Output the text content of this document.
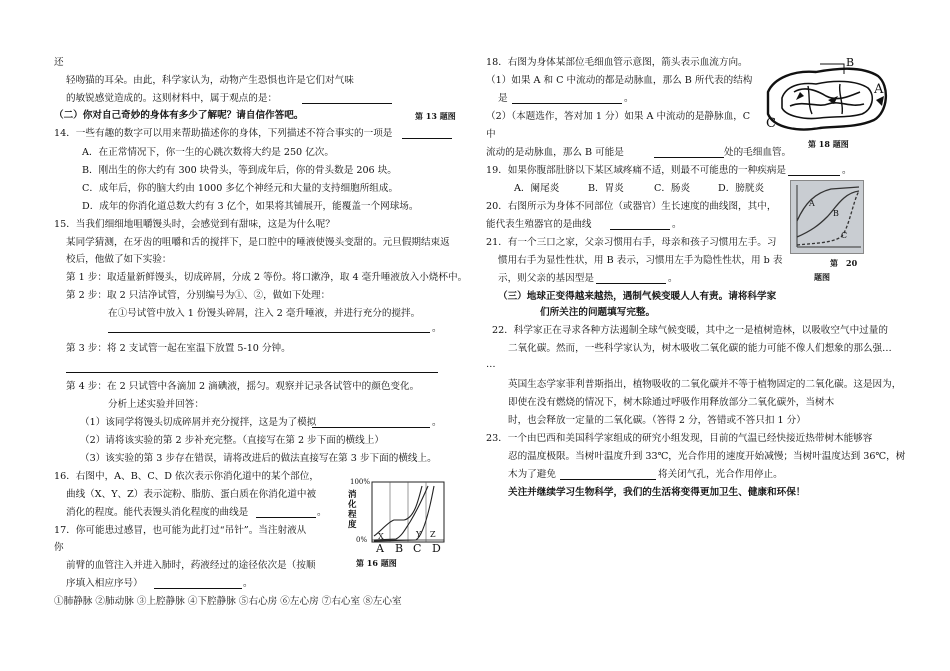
还
轻吻猫的耳朵。由此，科学家认为，动物产生恐惧也许是它们对气味
的敏锐感觉造成的。这则材料中，属于观点的是：
（二）你对自己奇妙的身体有多少了解呢？请自信作答吧。	第 13 题图
14．一些有趣的数字可以用来帮助描述你的身体，下列描述不符合事实的一项是
A．在正常情况下，你一生的心跳次数将大约是 250 亿次。
B．刚出生的你大约有 300 块骨头，等到成年后，你的骨头数是 206 块。
C．成年后，你的脑大约由 1000 多亿个神经元和大量的支持细胞所组成。
D．成年的你消化道总数大约有 3 亿个，如果将其铺展开，能覆盖一个网球场。
15．当我们细细地咀嚼馒头时，会感觉到有甜味，这是为什么呢？
某同学猜测，在牙齿的咀嚼和舌的搅拌下，是口腔中的唾液使馒头变甜的。元旦假期结束返
校后，他做了如下实验：
第 1 步：取适量新鲜馒头，切成碎屑，分成 2 等份。将口漱净，取 4 毫升唾液放入小烧杯中。
第 2 步：取 2 只洁净试管，分别编号为①、②，做如下处理：
在①号试管中放入 1 份馒头碎屑，注入 2 毫升唾液，并进行充分的搅拌。
。
第 3 步：将 2 支试管一起在室温下放置 5-10 分钟。
第 4 步：在 2 只试管中各滴加 2 滴碘液，摇匀。观察并记录各试管中的颜色变化。
分析上述实验并回答：
（1）该同学将馒头切成碎屑并充分搅拌，这是为了模拟	。
（2）请将该实验的第 2 步补充完整。（直接写在第 2 步下面的横线上）
（3）该实验的第 3 步存在错误，请将改进后的做法直接写在第 3 步下面的横线上。
16．右图中，A、B、C、D 依次表示你消化道中的某个部位，
曲线（X、Y、Z）表示淀粉、脂肪、蛋白质在你消化道中被
消化的程度。能代表馒头消化程度的曲线是	。
17．你可能患过感冒，也可能为此打过“吊针”。当注射液从
你
前臂的血管注入并进入肺时，药液经过的途径依次是（按顺
序填入相应序号）	。
①肺静脉 ②肺动脉 ③上腔静脉 ④下腔静脉 ⑤右心房 ⑥左心房 ⑦右心室 ⑧左心室
消化程度
100%
0% X	Y Z
A B C D
第 16 题图
18．右图为身体某部位毛细血管示意图，箭头表示血流方向。
（1）如果 A 和 C 中流动的都是动脉血，那么 B 所代表的结构
是	。
（2）（本题选作，答对加 1 分）如果 A 中流动的是静脉血，C
中
流动的是动脉血，那么 B 可能是	处的毛细血管。
B
A
C
第 18 题图
19．如果你腹部肚脐以下某区域疼痛不适，则最不可能患的一种疾病是	。
A．阑尾炎	B．胃炎	C．肠炎	D．膀胱炎
20．右图所示为身体不同部位（或器官）生长速度的曲线图，其中，
能代表生殖器官的是曲线	。
A
B
C
第　20
题图
21．有一个三口之家，父亲习惯用右手，母亲和孩子习惯用左手。习
惯用右手为显性性状，用 B 表示，习惯用左手为隐性性状，用 b 表
示，则父亲的基因型是	。
（三）地球正变得越来越热，遇制气候变暖人人有责。请将科学家
们所关注的问题填写完整。
22．科学家正在寻求各种方法遏制全球气候变暖，其中之一是植树造林，以吸收空气中过量的
二氧化碳。然而，一些科学家认为，树木吸收二氧化碳的能力可能不像人们想象的那么强…
…
英国生态学家菲利普斯指出，植物吸收的二氧化碳并不等于植物固定的二氧化碳。这是因为，
即使在没有燃烧的情况下，树木除通过呼吸作用释放部分二氧化碳外，当树木
时，也会释放一定量的二氧化碳。（答得 2 分，答错或不答只扣 1 分）
23．一个由巴西和美国科学家组成的研究小组发现，目前的气温已经快接近热带树木能够容
忍的温度极限。当树叶温度升到 33℃，光合作用的速度开始减慢；当树叶温度达到 36℃，树
木为了避免	将关闭气孔，光合作用停止。
关注并继续学习生物科学，我们的生活将变得更加卫生、健康和环保！
